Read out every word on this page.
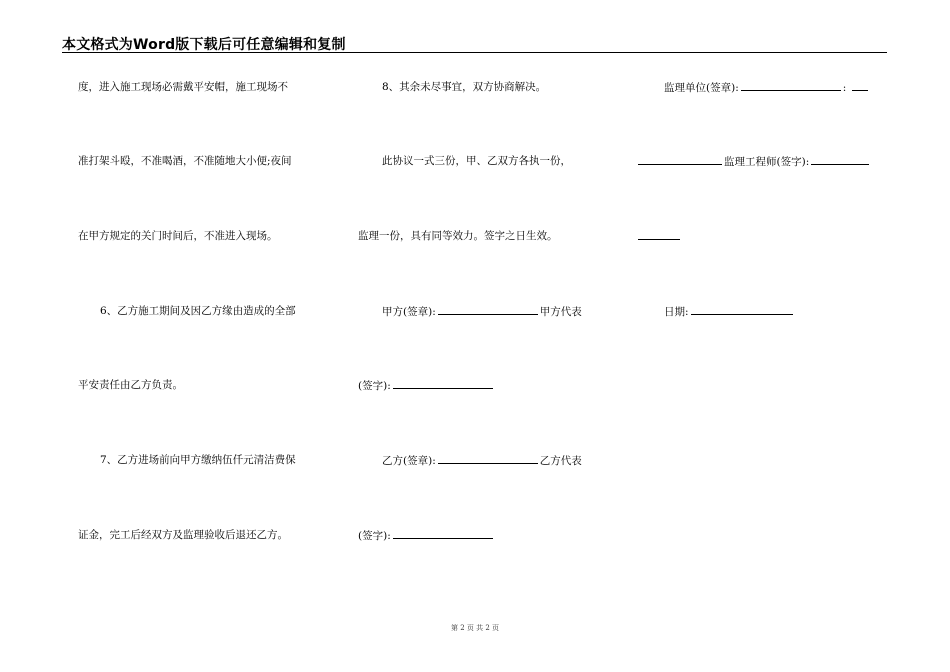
本文格式为Word版下载后可任意编辑和复制
度，进入施工现场必需戴平安帽，施工现场不
准打架斗殴，不准喝酒，不准随地大小便;夜间
在甲方规定的关门时间后，不准进入现场。
6、乙方施工期间及因乙方缘由造成的全部
平安责任由乙方负责。
7、乙方进场前向甲方缴纳伍仟元清洁费保
证金，完工后经双方及监理验收后退还乙方。
8、其余未尽事宜，双方协商解决。
此协议一式三份，甲、乙双方各执一份，
监理一份，具有同等效力。签字之日生效。
甲方(签章):	甲方代表
(签字):
乙方(签章):	乙方代表
(签字):
监理单位(签章):	:
监理工程师(签字):
日期:
第 2 页 共 2 页
